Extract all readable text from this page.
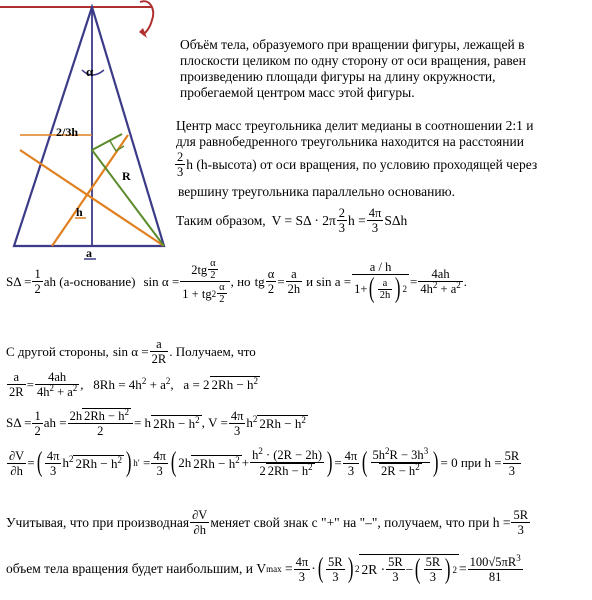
α
2/3h
R
h
a
Объём тела, образуемого при вращении фигуры, лежащей в
плоскости целиком по одну сторону от оси вращения, равен
произведению площади фигуры на длину окружности,
пробегаемой центром масс этой фигуры.
Центр масс треугольника делит медианы в соотношении 2:1 и
для равнобедренного треугольника находится на расстоянии
$\frac{2}{3}$ h (h-высота) от оси вращения, по условию проходящей через
вершину треугольника параллельно основанию.
Таким образом, $V = S\Delta \cdot 2\pi \frac{2}{3}$ $h = \frac{4\pi}{3}$ SΔh
$S\Delta = \frac{1}{2}$ ah (a-основание) $\sin \alpha = \frac{2tg \frac{\alpha}{2}}{1 + tg 2 \frac{\alpha}{2}}$ , но tg $\frac{\alpha}{2} = \frac{a}{2h}$ и $\sin a = \frac{a / h}{1+ ( \frac{a}{2h} ) 2} = \frac{4ah}{4h^2 + a^2}$ .
С другой стороны, $\sin \alpha = \frac{a}{2R}$ . Получаем, что
$\frac{a}{2R} = \frac{4ah}{4h^2 + a^2}$ ,   $8Rh = 4h^2 + a^2$,   a = 2 $2Rh - h^2$
$S\Delta = \frac{1}{2}$ ah = $\frac{2h 2Rh - h^2}{2} = h$ $2Rh - h^2$ , $V = \frac{4\pi}{3} h^2$ $2Rh - h^2$
$\frac{\partial V}{\partial h}$ = ( $\frac{4\pi}{3} h^2$ $2Rh - h^2$ ) h ′ = $\frac{4\pi}{3}$ ( 2h $2Rh - h^2 + \frac{h^2 \cdot (2R - 2h)}{2 2Rh - h^2}$ ) = $\frac{4\pi}{3}$ ( $\frac{5h^2R - 3h^3}{2R - h^2}$ ) = 0 при $h = \frac{5R}{3}$
Учитывая, что при производная $\frac{\partial V}{\partial h}$ меняет свой знак с "+" на "–", получаем, что при $h = \frac{5R}{3}$
объем тела вращения будет наибольшим, и V $\max = \frac{4\pi}{3}$ · ( $\frac{5R}{3}$ ) 2 $2R \cdot \frac{5R}{3}$ − ( $\frac{5R}{3}$ ) $2 = \frac{100√5\pi R^3}{81}$
